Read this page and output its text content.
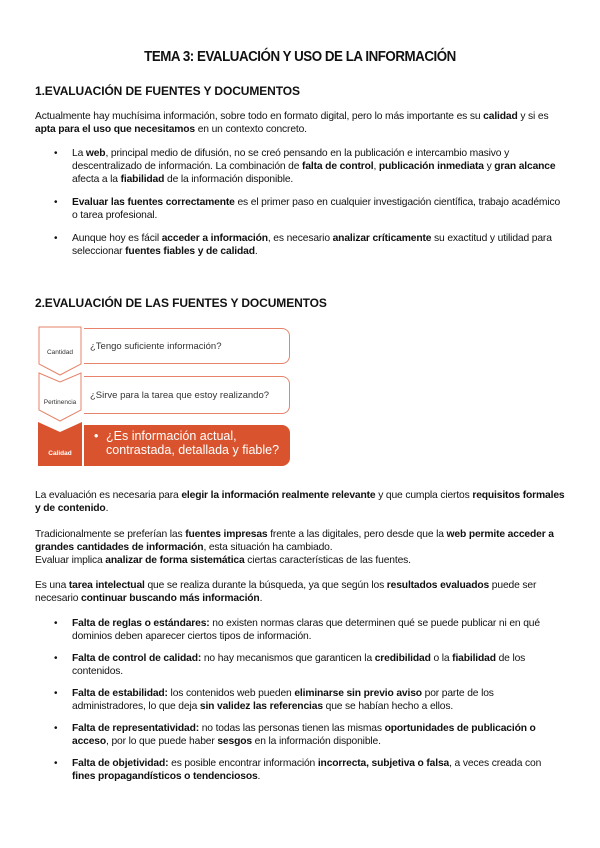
TEMA 3: EVALUACIÓN Y USO DE LA INFORMACIÓN
1.EVALUACIÓN DE FUENTES Y DOCUMENTOS
Actualmente hay muchísima información, sobre todo en formato digital, pero lo más importante es su calidad y si es apta para el uso que necesitamos en un contexto concreto.
• La web, principal medio de difusión, no se creó pensando en la publicación e intercambio masivo y descentralizado de información. La combinación de falta de control, publicación inmediata y gran alcance afecta a la fiabilidad de la información disponible.
• Evaluar las fuentes correctamente es el primer paso en cualquier investigación científica, trabajo académico o tarea profesional.
• Aunque hoy es fácil acceder a información, es necesario analizar críticamente su exactitud y utilidad para seleccionar fuentes fiables y de calidad.
2.EVALUACIÓN DE LAS FUENTES Y DOCUMENTOS
Cantidad
¿Tengo suficiente información?
Pertinencia
¿Sirve para la tarea que estoy realizando?
Calidad
• ¿Es información actual, contrastada, detallada y fiable?
La evaluación es necesaria para elegir la información realmente relevante y que cumpla ciertos requisitos formales y de contenido.
Tradicionalmente se preferían las fuentes impresas frente a las digitales, pero desde que la web permite acceder a grandes cantidades de información, esta situación ha cambiado.
Evaluar implica analizar de forma sistemática ciertas características de las fuentes.
Es una tarea intelectual que se realiza durante la búsqueda, ya que según los resultados evaluados puede ser necesario continuar buscando más información.
• Falta de reglas o estándares: no existen normas claras que determinen qué se puede publicar ni en qué dominios deben aparecer ciertos tipos de información.
• Falta de control de calidad: no hay mecanismos que garanticen la credibilidad o la fiabilidad de los contenidos.
• Falta de estabilidad: los contenidos web pueden eliminarse sin previo aviso por parte de los administradores, lo que deja sin validez las referencias que se habían hecho a ellos.
• Falta de representatividad: no todas las personas tienen las mismas oportunidades de publicación o acceso, por lo que puede haber sesgos en la información disponible.
• Falta de objetividad: es posible encontrar información incorrecta, subjetiva o falsa, a veces creada con fines propagandísticos o tendenciosos.
